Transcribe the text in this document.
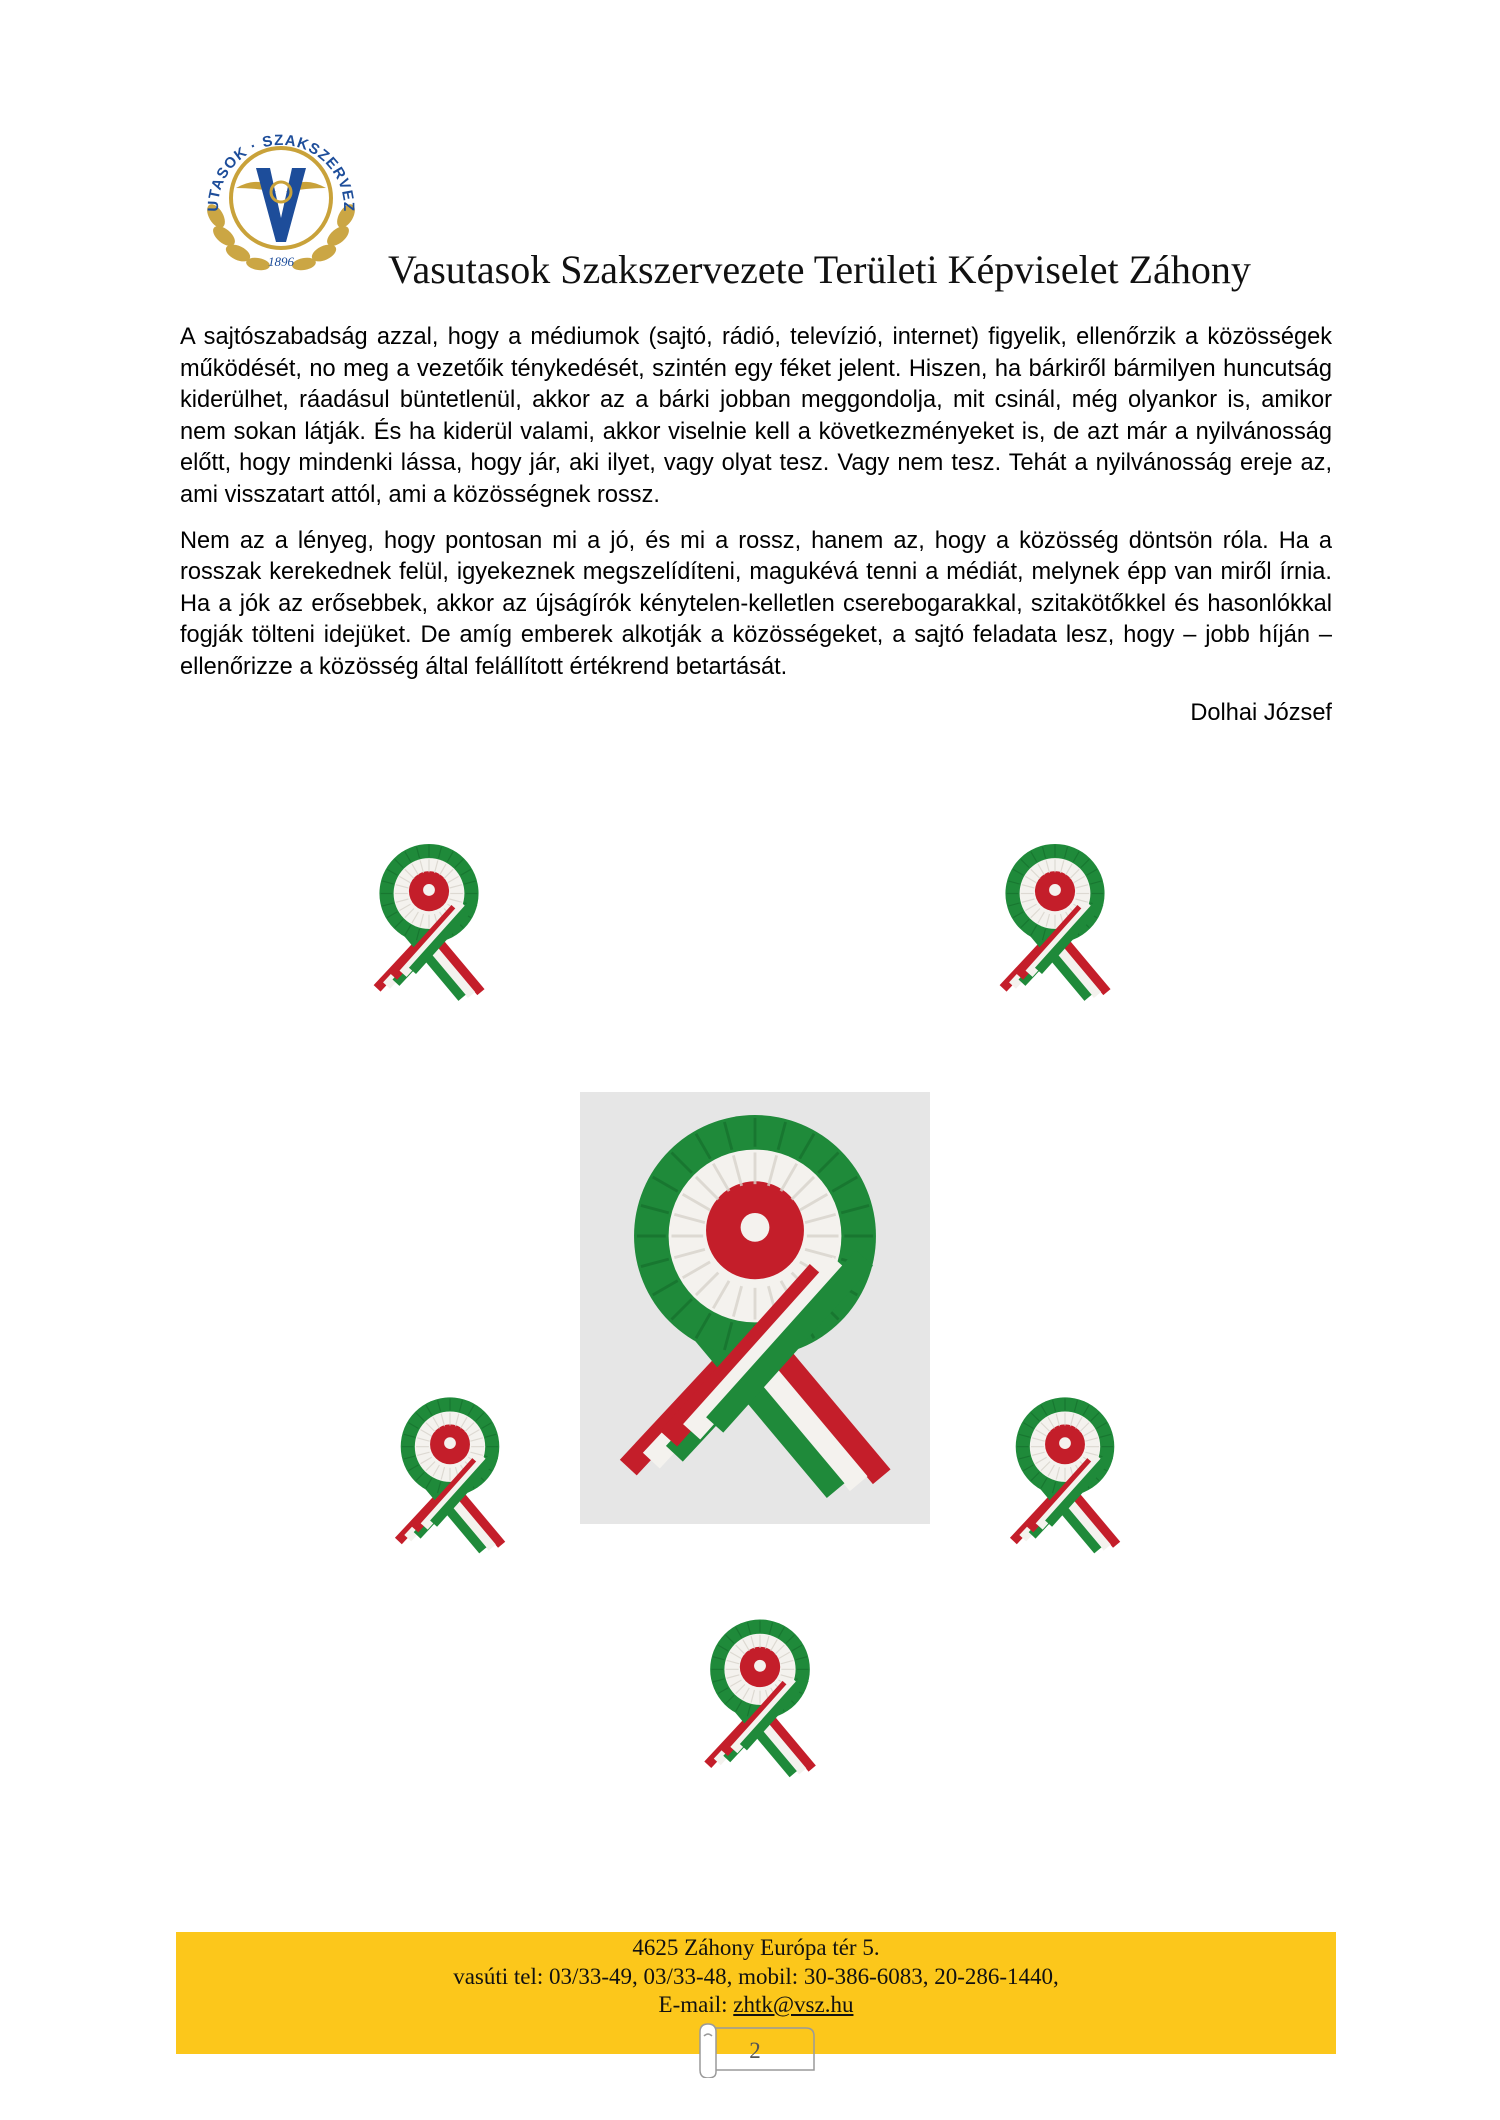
UTASOK · SZAKSZERVEZ
1896 Vasutasok Szakszervezete Területi Képviselet Záhony

A sajtószabadság azzal, hogy a médiumok (sajtó, rádió, televízió, internet) figyelik, ellenőrzik a közösségek működését, no meg a vezetőik ténykedését, szintén egy féket jelent. Hiszen, ha bárkiről bármilyen huncutság kiderülhet, ráadásul büntetlenül, akkor az a bárki jobban meggondolja, mit csinál, még olyankor is, amikor nem sokan látják. És ha kiderül valami, akkor viselnie kell a következményeket is, de azt már a nyilvánosság előtt, hogy mindenki lássa, hogy jár, aki ilyet, vagy olyat tesz. Vagy nem tesz. Tehát a nyilvánosság ereje az, ami visszatart attól, ami a közösségnek rossz.

Nem az a lényeg, hogy pontosan mi a jó, és mi a rossz, hanem az, hogy a közösség döntsön róla. Ha a rosszak kerekednek felül, igyekeznek megszelídíteni, magukévá tenni a médiát, melynek épp van miről írnia. Ha a jók az erősebbek, akkor az újságírók kénytelen-kelletlen cserebogarakkal, szitakötőkkel és hasonlókkal fogják tölteni idejüket. De amíg emberek alkotják a közösségeket, a sajtó feladata lesz, hogy – jobb híján – ellenőrizze a közösség által felállított értékrend betartását.

Dolhai József
4625 Záhony Európa tér 5.
vasúti tel: 03/33-49, 03/33-48, mobil: 30-386-6083, 20-286-1440,
E-mail: zhtk@vsz.hu
2
